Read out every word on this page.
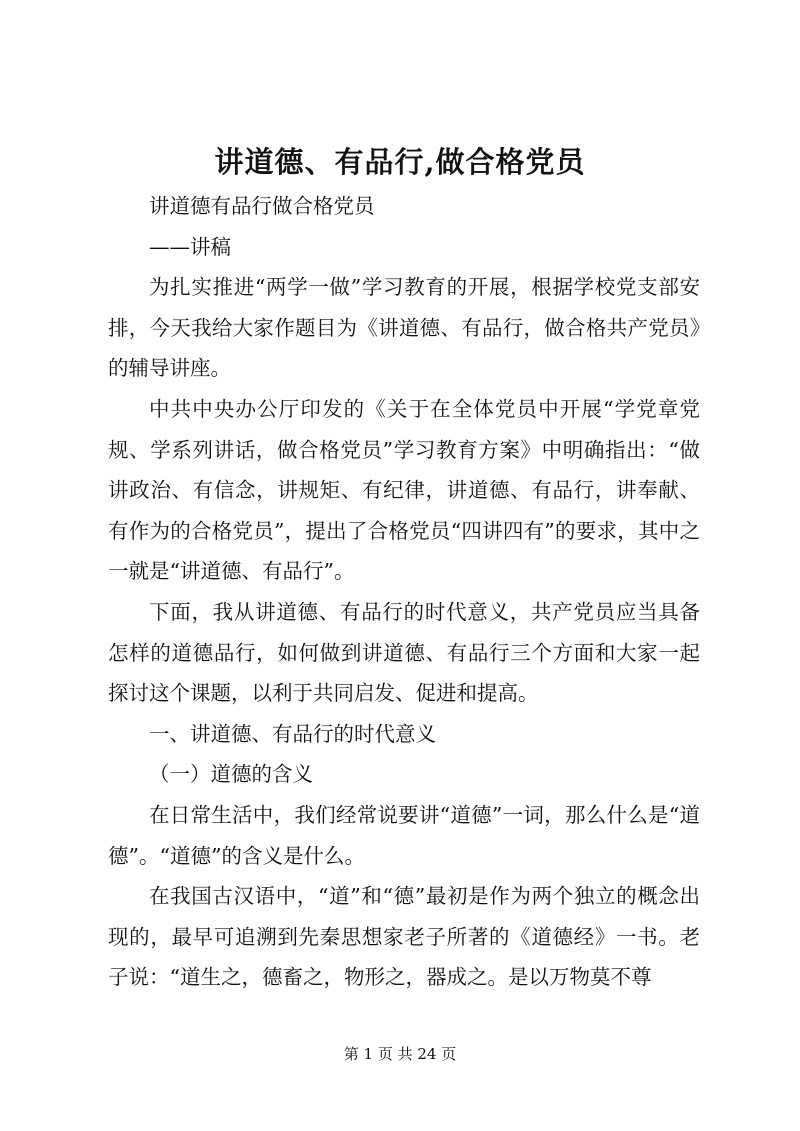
讲道德、有品行,做合格党员

讲道德有品行做合格党员

——讲稿

为扎实推进“两学一做”学习教育的开展，根据学校党支部安排，今天我给大家作题目为《讲道德、有品行，做合格共产党员》的辅导讲座。

中共中央办公厅印发的《关于在全体党员中开展“学党章党规、学系列讲话，做合格党员”学习教育方案》中明确指出：“做讲政治、有信念，讲规矩、有纪律，讲道德、有品行，讲奉献、有作为的合格党员”，提出了合格党员“四讲四有”的要求，其中之一就是“讲道德、有品行”。

下面，我从讲道德、有品行的时代意义，共产党员应当具备怎样的道德品行，如何做到讲道德、有品行三个方面和大家一起探讨这个课题，以利于共同启发、促进和提高。

一、讲道德、有品行的时代意义

（一）道德的含义

在日常生活中，我们经常说要讲“道德”一词，那么什么是“道德”。“道德”的含义是什么。

在我国古汉语中，“道”和“德”最初是作为两个独立的概念出现的，最早可追溯到先秦思想家老子所著的《道德经》一书。老子说：“道生之，德畜之，物形之，器成之。是以万物莫不尊

第 1 页 共 24 页
